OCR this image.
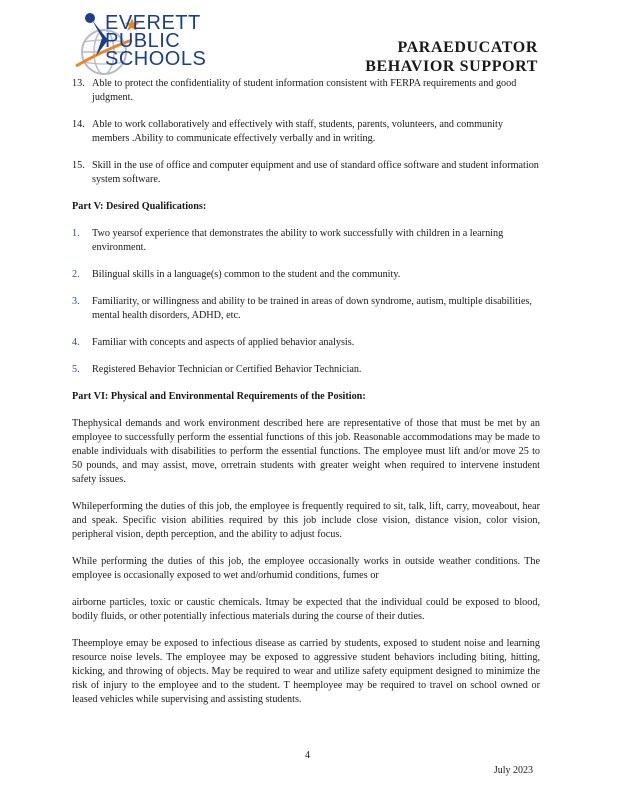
EVERETT
PUBLIC
SCHOOLS
PARAEDUCATOR
BEHAVIOR SUPPORT
13. Able to protect the confidentiality of student information consistent with FERPA requirements and good judgment.
14. Able to work collaboratively and effectively with staff, students, parents, volunteers, and community members .Ability to communicate effectively verbally and in writing.
15. Skill in the use of office and computer equipment and use of standard office software and student information system software.
Part V: Desired Qualifications:
1.	Two yearsof experience that demonstrates the ability to work successfully with children in a learning environment.
2.	Bilingual skills in a language(s) common to the student and the community.
3.	Familiarity, or willingness and ability to be trained in areas of down syndrome, autism, multiple disabilities, mental health disorders, ADHD, etc.
4.	Familiar with concepts and aspects of applied behavior analysis.
5.	Registered Behavior Technician or Certified Behavior Technician.
Part VI: Physical and Environmental Requirements of the Position:
Thephysical demands and work environment described here are representative of those that must be met by an employee to successfully perform the essential functions of this job. Reasonable accommodations may be made to enable individuals with disabilities to perform the essential functions. The employee must lift and/or move 25 to 50 pounds, and may assist, move, orretrain students with greater weight when required to intervene instudent safety issues.
Whileperforming the duties of this job, the employee is frequently required to sit, talk, lift, carry, moveabout, hear and speak. Specific vision abilities required by this job include close vision, distance vision, color vision, peripheral vision, depth perception, and the ability to adjust focus.
While performing the duties of this job, the employee occasionally works in outside weather conditions. The employee is occasionally exposed to wet and/orhumid conditions, fumes or
airborne particles, toxic or caustic chemicals. Itmay be expected that the individual could be exposed to blood, bodily fluids, or other potentially infectious materials during the course of their duties.
Theemploye emay be exposed to infectious disease as carried by students, exposed to student noise and learning resource noise levels. The employee may be exposed to aggressive student behaviors including biting, hitting, kicking, and throwing of objects. May be required to wear and utilize safety equipment designed to minimize the risk of injury to the employee and to the student. T heemployee may be required to travel on school owned or leased vehicles while supervising and assisting students.
4
July 2023
